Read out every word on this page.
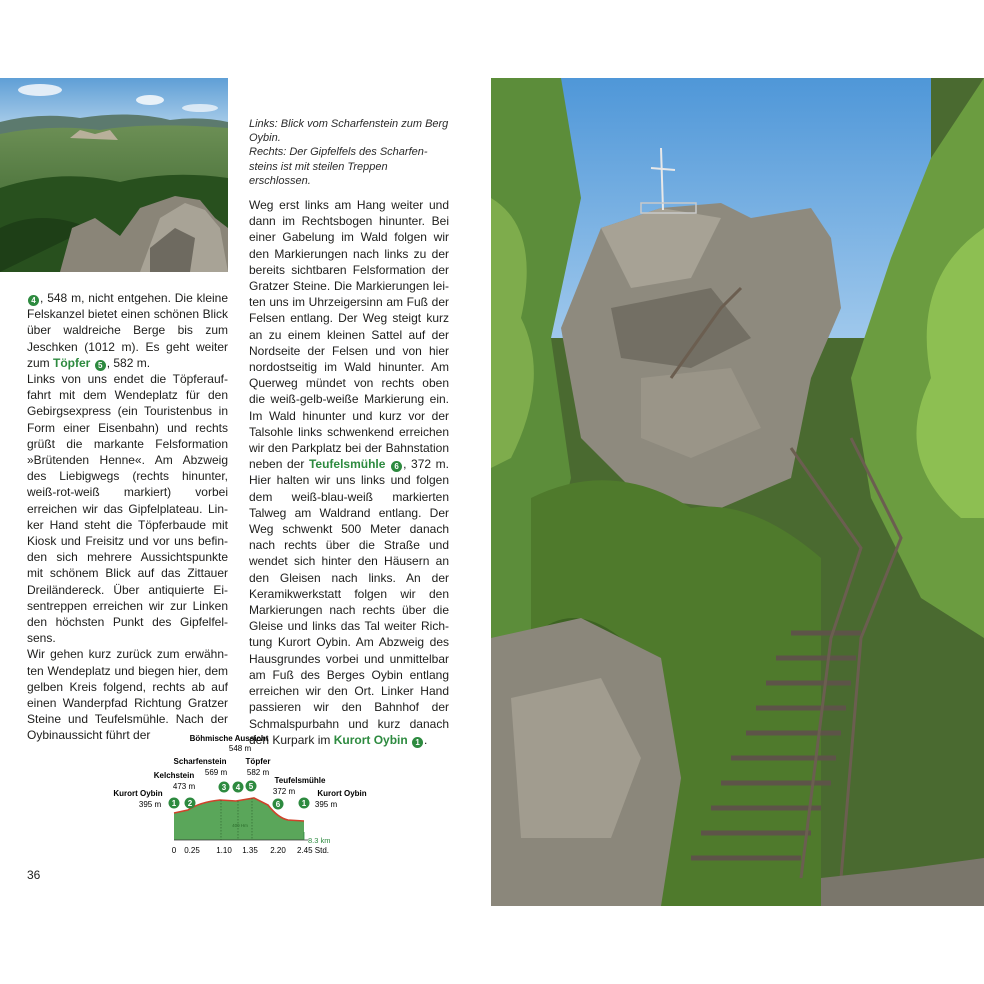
Links: Blick vom Scharfenstein zum Berg Oybin.
Rechts: Der Gipfelfels des Scharfensteins ist mit steilen Treppen erschlossen.

Weg erst links am Hang weiter und dann im Rechtsbogen hinunter. Bei einer Gabelung im Wald folgen wir den Markierungen nach links zu der bereits sichtbaren Felsformation der Gratzer Steine. Die Markierungen leiten uns im Uhrzeigersinn am Fuß der Felsen entlang. Der Weg steigt kurz an zu einem kleinen Sattel auf der Nordseite der Felsen und von hier nordostseitig im Wald hinunter. Am Querweg mündet von rechts oben die weiß-gelb-weiße Markierung ein. Im Wald hinunter und kurz vor der Talsohle links schwenkend erreichen wir den Parkplatz bei der Bahnstation neben der Teufelsmühle 6 , 372 m. Hier halten wir uns links und folgen dem weiß-blau-weiß markierten Talweg am Waldrand entlang. Der Weg schwenkt 500 Meter danach nach rechts über die Straße und wendet sich hinter den Häusern an den Gleisen nach links. An der Keramikwerkstatt folgen wir den Markierungen nach rechts über die Gleise und links das Tal weiter Richtung Kurort Oybin. Am Abzweig des Hausgrundes vorbei und unmittelbar am Fuß des Berges Oybin entlang erreichen wir den Ort. Linker Hand passieren wir den Bahnhof der Schmalspurbahn und kurz danach den Kurpark im Kurort Oybin 1 .

4 , 548 m, nicht entgehen. Die kleine Felskanzel bietet einen schönen Blick über waldreiche Berge bis zum Jeschken (1012 m). Es geht weiter zum Töpfer 5 , 582 m.

Links von uns endet die Töpferauffahrt mit dem Wendeplatz für den Gebirgsexpress (ein Touristenbus in Form einer Eisenbahn) und rechts grüßt die markante Felsformation »Brütenden Henne«. Am Abzweig des Liebigwegs (rechts hinunter, weiß-rot-weiß markiert) vorbei erreichen wir das Gipfelplateau. Linker Hand steht die Töpferbaude mit Kiosk und Freisitz und vor uns befinden sich mehrere Aussichtspunkte mit schönem Blick auf das Zittauer Dreiländereck. Über antiquierte Eisentreppen erreichen wir zur Linken den höchsten Punkt des Gipfelfelsens.

Wir gehen kurz zurück zum erwähnten Wendeplatz und biegen hier, dem gelben Kreis folgend, rechts ab auf einen Wanderpfad Richtung Gratzer Steine und Teufelsmühle. Nach der Oybinaussicht führt der	Böhmische Aussicht
548 m
Scharfenstein
569 m
Töpfer
582 m
Kelchstein
473 m
Teufelsmühle
372 m
Kurort Oybin
395 m
Kurort Oybin
395 m
8.3 km
400 Hm
1 2
3 4 5
6	1
0 0.25 1.10 1.35 2.20 2.45 Std.
36
